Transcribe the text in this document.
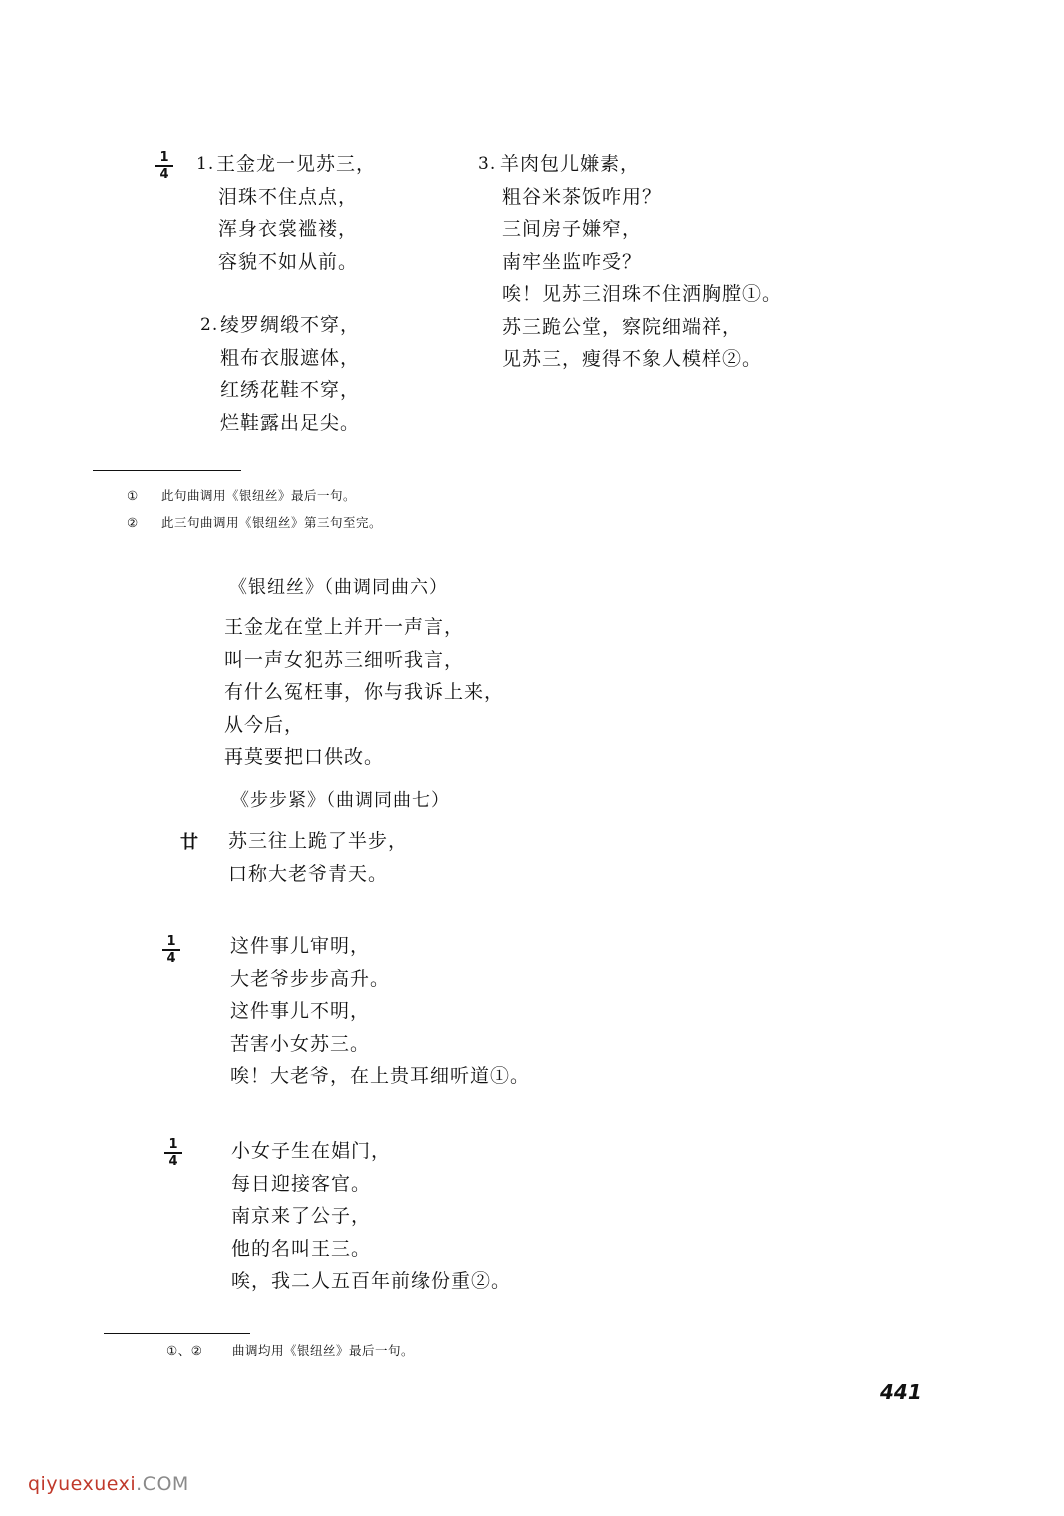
$\frac{1}{4} 1$. 王金龙一见苏三，
泪珠不住点点，
浑身衣裳褴褛，
容貌不如从前。
2. 绫罗绸缎不穿，
粗布衣服遮体，
红绣花鞋不穿，
烂鞋露出足尖。
3. 羊肉包儿嫌素，
粗谷米茶饭咋用？
三间房子嫌窄，
南牢坐监咋受？
唉！见苏三泪珠不住洒胸膛①。
苏三跪公堂，察院细端祥，
见苏三，瘦得不象人模样②。
① 此句曲调用《银纽丝》最后一句。
② 此三句曲调用《银纽丝》第三句至完。
《银纽丝》（曲调同曲六）
王金龙在堂上并开一声言，
叫一声女犯苏三细听我言，
有什么冤枉事，你与我诉上来，
从今后，
再莫要把口供改。
《步步紧》（曲调同曲七）
廿 苏三往上跪了半步，
口称大老爷青天。
$\frac{1}{4}$	这件事儿审明，
大老爷步步高升。
这件事儿不明，
苦害小女苏三。
唉！大老爷，在上贵耳细听道①。
$\frac{1}{4}$	小女子生在娼门，
每日迎接客官。
南京来了公子，
他的名叫王三。
唉，我二人五百年前缘份重②。
①、② 曲调均用《银纽丝》最后一句。
441
qiyuexuexi.COM
